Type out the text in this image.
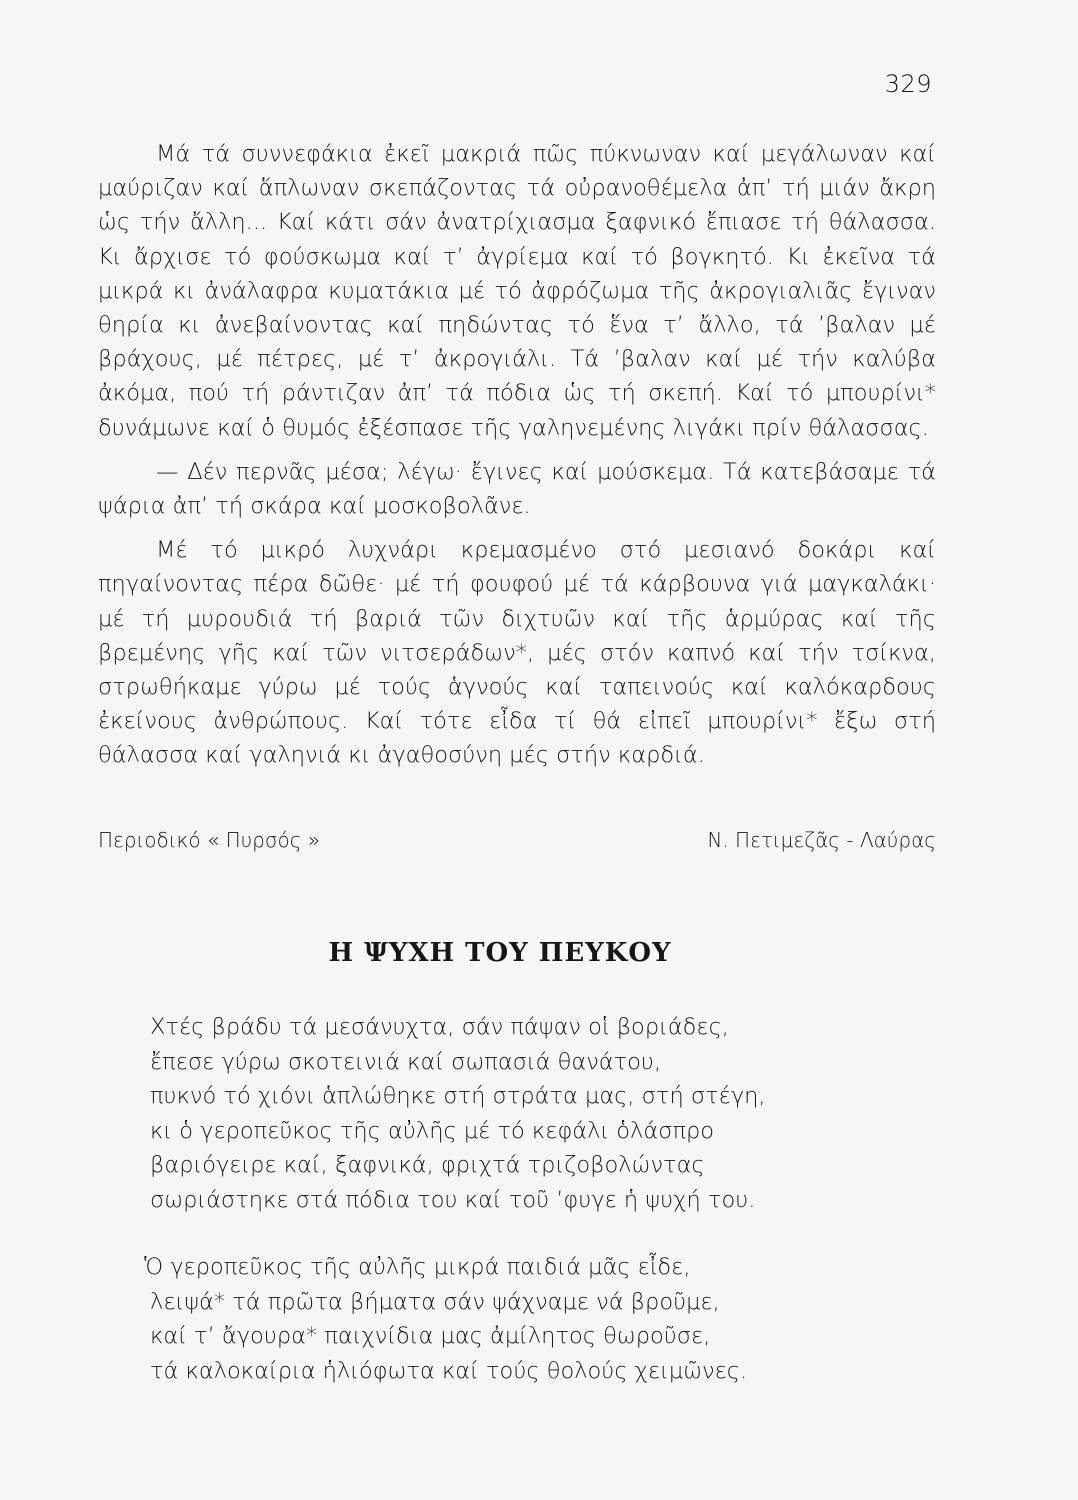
329

Μά τά συννεφάκια ἐκεῖ μακριά πῶς πύκνωναν καί μεγάλωναν καί μαύριζαν καί ἅπλωναν σκεπάζοντας τά οὐρανοθέμελα ἀπ’ τή μιάν ἄκρη ὡς τήν ἄλλη... Καί κάτι σάν ἀνατρίχιασμα ξαφνικό ἔπιασε τή θάλασσα. Κι ἄρχισε τό φούσκωμα καί τ’ ἀγρίεμα καί τό βογκητό. Κι ἐκεῖνα τά μικρά κι ἀνάλαφρα κυματάκια μέ τό ἀφρόζωμα τῆς ἀκρογιαλιᾶς ἔγιναν θηρία κι ἀνεβαίνοντας καί πηδώντας τό ἕνα τ’ ἄλλο, τά ’βαλαν μέ βράχους, μέ πέτρες, μέ τ’ ἀκρογιάλι. Τά ’βαλαν καί μέ τήν καλύβα ἀκόμα, πού τή ράντιζαν ἀπ’ τά πόδια ὡς τή σκεπή. Καί τό μπουρίνι* δυνάμωνε καί ὁ θυμός ἐξέσπασε τῆς γαληνεμένης λιγάκι πρίν θάλασσας.

— Δέν περνᾶς μέσα; λέγω· ἔγινες καί μούσκεμα. Τά κατεβάσαμε τά ψάρια ἀπ’ τή σκάρα καί μοσκοβολᾶνε.

Μέ τό μικρό λυχνάρι κρεμασμένο στό μεσιανό δοκάρι καί πηγαίνοντας πέρα δῶθε· μέ τή φουφού μέ τά κάρβουνα γιά μαγκαλάκι· μέ τή μυρουδιά τή βαριά τῶν διχτυῶν καί τῆς ἁρμύρας καί τῆς βρεμένης γῆς καί τῶν νιτσεράδων*, μές στόν καπνό καί τήν τσίκνα, στρωθήκαμε γύρω μέ τούς ἁγνούς καί ταπεινούς καί καλόκαρδους ἐκείνους ἀνθρώπους. Καί τότε εἶδα τί θά εἰπεῖ μπουρίνι* ἔξω στή θάλασσα καί γαληνιά κι ἀγαθοσύνη μές στήν καρδιά.

Περιοδικό « Πυρσός »	Ν. Πετιμεζᾶς - Λαύρας
Η ΨΥΧΗ ΤΟΥ ΠΕΥΚΟΥ
Χτές βράδυ τά μεσάνυχτα, σάν πάψαν οἱ βοριάδες,
ἔπεσε γύρω σκοτεινιά καί σωπασιά θανάτου,
πυκνό τό χιόνι ἁπλώθηκε στή στράτα μας, στή στέγη,
κι ὁ γεροπεῦκος τῆς αὐλῆς μέ τό κεφάλι ὁλάσπρο
βαριόγειρε καί, ξαφνικά, φριχτά τριζοβολώντας
σωριάστηκε στά πόδια του καί τοῦ ’φυγε ἡ ψυχή του.
Ὁ γεροπεῦκος τῆς αὐλῆς μικρά παιδιά μᾶς εἶδε,
λειψά* τά πρῶτα βήματα σάν ψάχναμε νά βροῦμε,
καί τ’ ἄγουρα* παιχνίδια μας ἀμίλητος θωροῦσε,
τά καλοκαίρια ἡλιόφωτα καί τούς θολούς χειμῶνες.
